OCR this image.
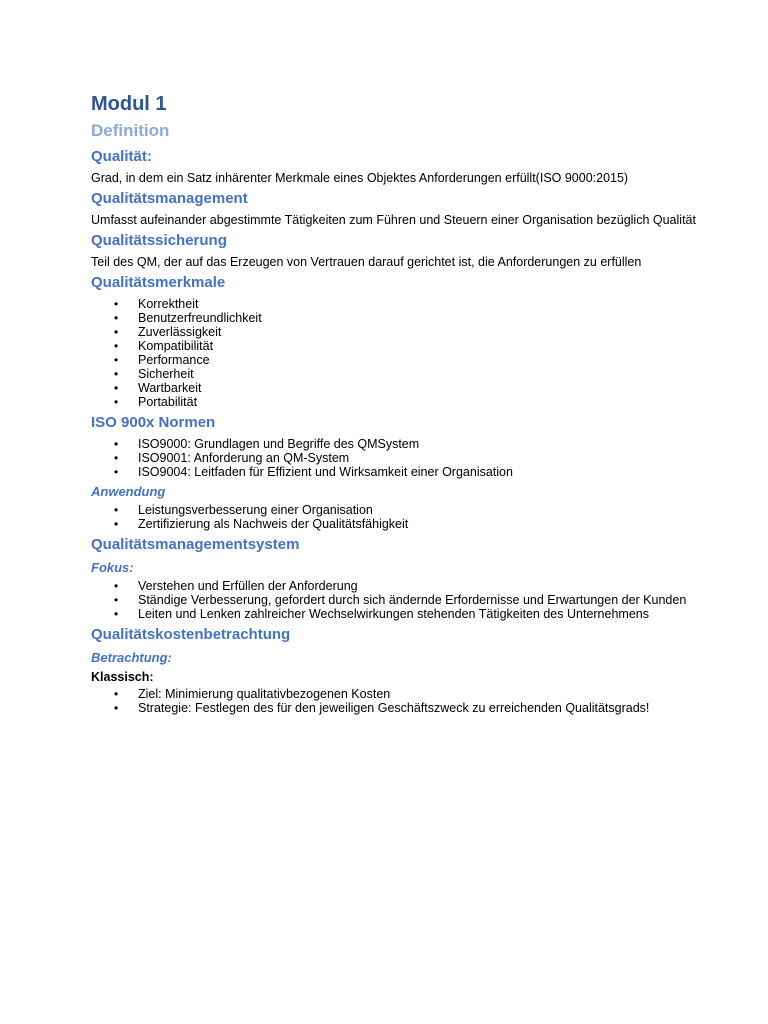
Modul 1
Definition
Qualität:

Grad, in dem ein Satz inhärenter Merkmale eines Objektes Anforderungen erfüllt(ISO 9000:2015)

Qualitätsmanagement

Umfasst aufeinander abgestimmte Tätigkeiten zum Führen und Steuern einer Organisation bezüglich Qualität

Qualitätssicherung

Teil des QM, der auf das Erzeugen von Vertrauen darauf gerichtet ist, die Anforderungen zu erfüllen

Qualitätsmerkmale
• Korrektheit
• Benutzerfreundlichkeit
• Zuverlässigkeit
• Kompatibilität
• Performance
• Sicherheit
• Wartbarkeit
• Portabilität
ISO 900x Normen
• ISO9000: Grundlagen und Begriffe des QMSystem
• ISO9001: Anforderung an QM-System
• ISO9004: Leitfaden für Effizient und Wirksamkeit einer Organisation
Anwendung
• Leistungsverbesserung einer Organisation
• Zertifizierung als Nachweis der Qualitätsfähigkeit
Qualitätsmanagementsystem
Fokus:
• Verstehen und Erfüllen der Anforderung
• Ständige Verbesserung, gefordert durch sich ändernde Erfordernisse und Erwartungen der Kunden
• Leiten und Lenken zahlreicher Wechselwirkungen stehenden Tätigkeiten des Unternehmens
Qualitätskostenbetrachtung
Betrachtung:

Klassisch:

• Ziel: Minimierung qualitativbezogenen Kosten
• Strategie: Festlegen des für den jeweiligen Geschäftszweck zu erreichenden Qualitätsgrads!
